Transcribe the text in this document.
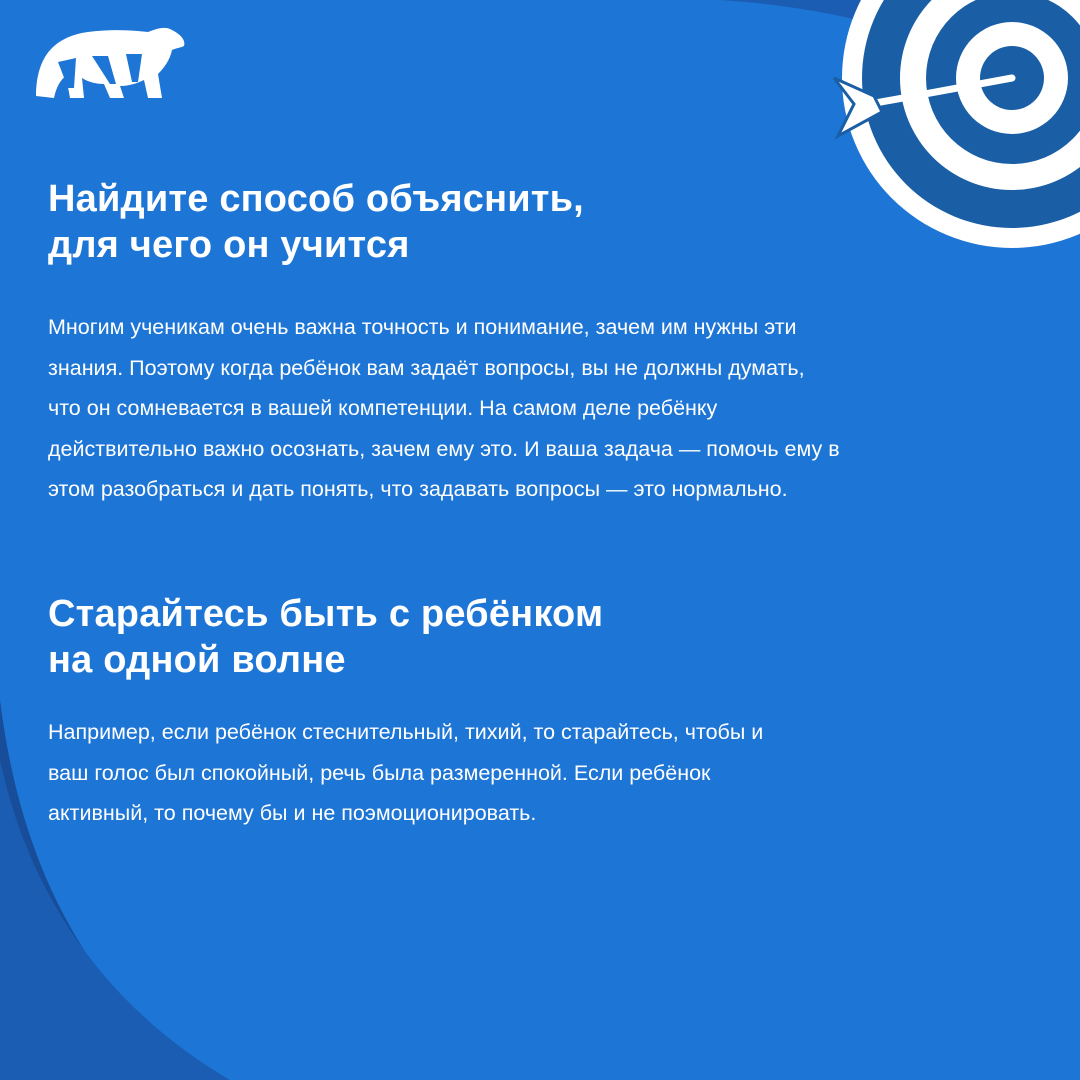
Найдите способ объяснить,
для чего он учится

Многим ученикам очень важна точность и понимание, зачем им нужны эти
знания. Поэтому когда ребёнок вам задаёт вопросы, вы не должны думать,
что он сомневается в вашей компетенции. На самом деле ребёнку
действительно важно осознать, зачем ему это. И ваша задача — помочь ему в
этом разобраться и дать понять, что задавать вопросы — это нормально.

Старайтесь быть с ребёнком
на одной волне

Например, если ребёнок стеснительный, тихий, то старайтесь, чтобы и
ваш голос был спокойный, речь была размеренной. Если ребёнок
активный, то почему бы и не поэмоционировать.
